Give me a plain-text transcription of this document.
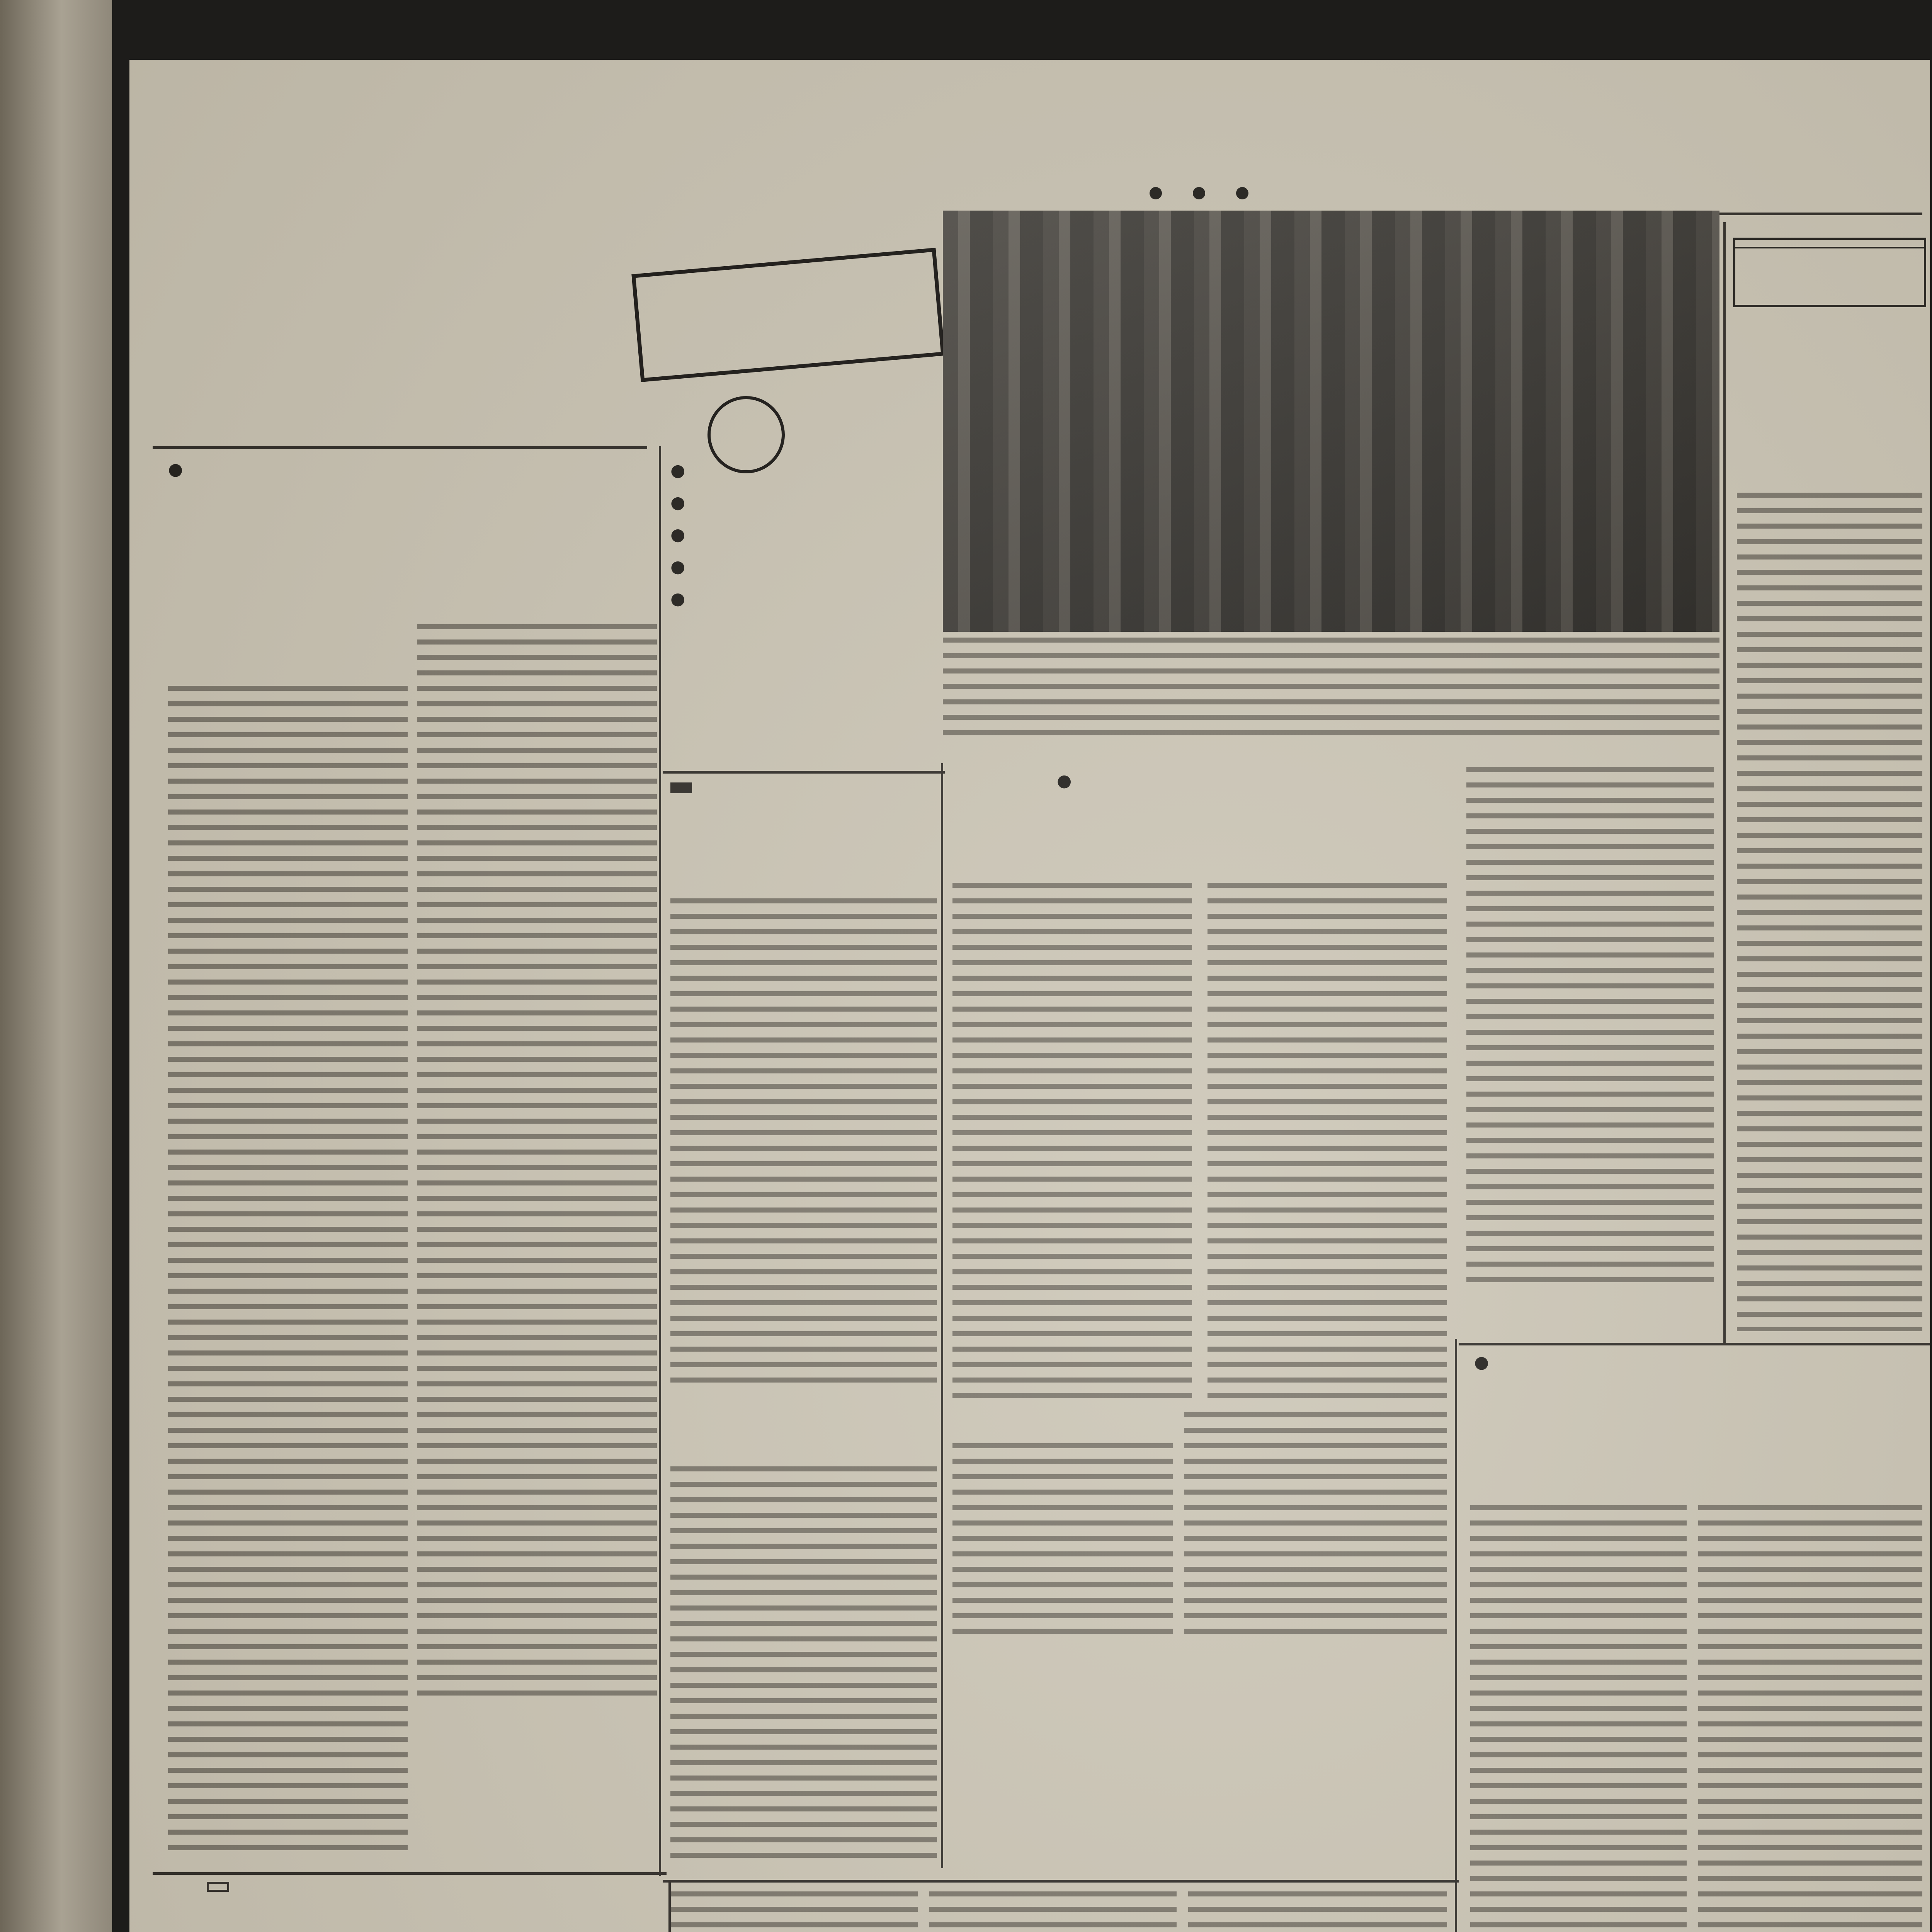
●

●

●

●

●

●

●
●
